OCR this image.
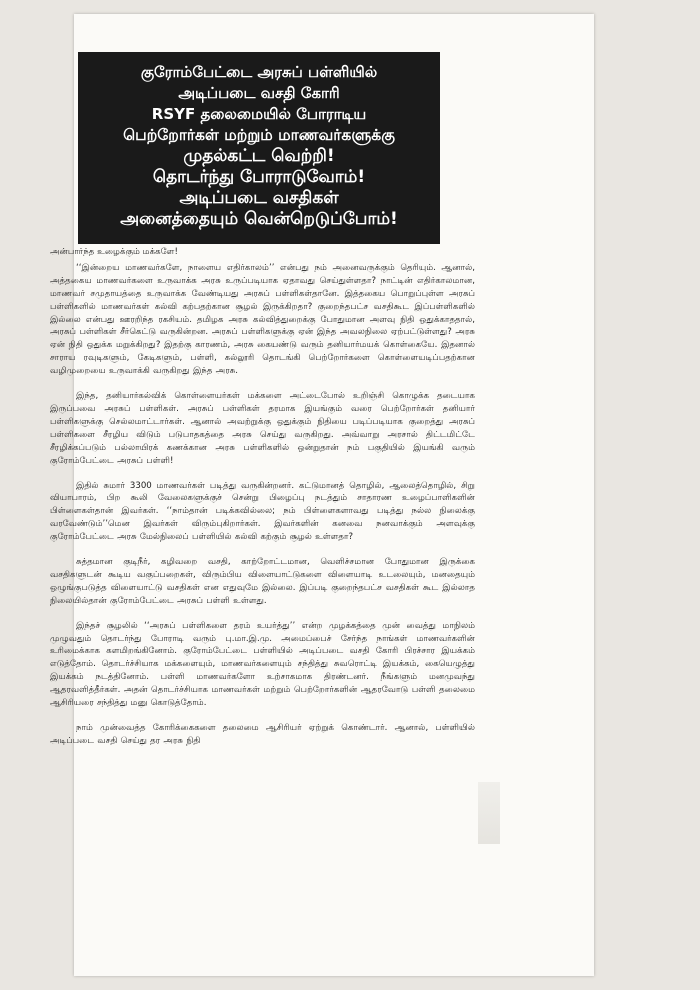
குரோம்பேட்டை அரசுப் பள்ளியில்
அடிப்படை வசதி கோரி
RSYF தலைமையில் போராடிய
பெற்றோர்கள் மற்றும் மாணவர்களுக்கு
முதல்கட்ட வெற்றி!
தொடர்ந்து போராடுவோம்!
அடிப்படை வசதிகள்
அனைத்தையும் வென்றெடுப்போம்!

அன்பார்ந்த உழைக்கும் மக்களே!

‘‘இன்றைய மாணவர்களே, நாளைய எதிர்காலம்’’ என்பது நம் அனைவருக்கும் தெரியும். ஆனால், அத்தகைய மாணவர்களை உருவாக்க அரசு உருப்படியாக ஏதாவது செய்துள்ளதா? நாட்டின் எதிர்காலமான, மாணவர் சமுதாயத்தை உருவாக்க வேண்டியது அரசுப் பள்ளிகள்தானே. இத்தகைய பொறுப்புள்ள அரசுப் பள்ளிகளில் மாணவர்கள் கல்வி கற்பதற்கான சூழல் இருக்கிறதா? குறைந்தபட்ச வசதிகூட இப்பள்ளிகளில் இல்லை என்பது ஊரறிந்த ரகசியம். தமிழக அரசு கல்வித்துறைக்கு போதுமான அளவு நிதி ஒதுக்காததால், அரசுப் பள்ளிகள் சீர்கெட்டு வருகின்றன. அரசுப் பள்ளிகளுக்கு ஏன் இந்த அவலநிலை ஏற்பட்டுள்ளது? அரசு ஏன் நிதி ஒதுக்க மறுக்கிறது? இதற்கு காரணம், அரசு கையண்டு வரும் தனியார்மயக் கொள்கையே. இதனால் சாராய ரவுடிகளும், கேடிகளும், பள்ளி, கல்லூரி தொடங்கி பெற்றோர்களை கொள்ளையடிப்பதற்கான வழிமுறையை உருவாக்கி வருகிறது இந்த அரசு.

இந்த, தனியார்கல்விக் கொள்ளையர்கள் மக்களை அட்டைபோல் உறிஞ்சி கொழுக்க தடையாக இருப்பவை அரசுப் பள்ளிகள். அரசுப் பள்ளிகள் தரமாக இயங்கும் வரை பெற்றோர்கள் தனியார் பள்ளிகளுக்கு செல்லமாட்டார்கள். ஆனால் அவற்றுக்கு ஒதுக்கும் நிதியை படிப்படியாக குறைத்து அரசுப் பள்ளிகளை சீரழிய விடும் படுபாதகத்தை அரசு செய்து வருகிறது. அவ்வாறு அரசால் திட்டமிட்டே சீரழிக்கப்படும் பல்லாயிரக் கணக்கான அரசு பள்ளிகளில் ஒன்றுதான் நம் பகுதியில் இயங்கி வரும் குரோம்பேட்டை அரசுப் பள்ளி!

இதில் சுமார் 3300 மாணவர்கள் படித்து வருகின்றனர். கட்டுமானத் தொழில், ஆலைத்தொழில், சிறு வியாபாரம், பிற கூலி வேலைகளுக்குச் சென்று பிழைப்பு நடத்தும் சாதாரண உழைப்பாளிகளின் பிள்ளைகள்தான் இவர்கள். ‘‘நாம்தான் படிக்கவில்லை; நம் பிள்ளைகளாவது படித்து நல்ல நிலைக்கு வரவேண்டும்’’மென இவர்கள் விரும்புகிறார்கள். இவர்களின் கனவை நனவாக்கும் அளவுக்கு குரோம்பேட்டை அரசு மேல்நிலைப் பள்ளியில் கல்வி கற்கும் சூழல் உள்ளதா?

சுத்தமான குடிநீர், கழிவறை வசதி, காற்றோட்டமான, வெளிச்சமான போதுமான இருக்கை வசதிகளுடன் கூடிய வகுப்பறைகள், விரும்பிய விளையாட்டுகளை விளையாடி உடலையும், மனதையும் ஒழுங்குபடுத்த விளையாட்டு வசதிகள் என எதுவுமே இல்லை. இப்படி குறைந்தபட்ச வசதிகள் கூட இல்லாத நிலையில்தான் குரோம்பேட்டை அரசுப் பள்ளி உள்ளது.

இந்தச் சூழலில் ‘‘அரசுப் பள்ளிகளை தரம் உயர்த்து’’ என்ற முழக்கத்தை முன் வைத்து மாநிலம் முழுவதும் தொடர்ந்து போராடி வரும் பு.மா.இ.மு. அமைப்பைச் சேர்ந்த நாங்கள் மாணவர்களின் உரிமைக்காக களமிறங்கினோம். குரோம்பேட்டை பள்ளியில் அடிப்படை வசதி கோரி பிரச்சார இயக்கம் எடுத்தோம். தொடர்ச்சியாக மக்களையும், மாணவர்களையும் சந்தித்து சுவரொட்டி இயக்கம், கையெழுத்து இயக்கம் நடத்தினோம். பள்ளி மாணவர்களோ உற்சாகமாக திரண்டனர். நீங்களும் மனமுவந்து ஆதரவளித்தீர்கள். அதன் தொடர்ச்சியாக மாணவர்கள் மற்றும் பெற்றோர்களின் ஆதரவோடு பள்ளி தலைமை ஆசிரியரை சந்தித்து மனு கொடுத்தோம்.

நாம் முன்வைத்த கோரிக்கைகளை தலைமை ஆசிரியர் ஏற்றுக் கொண்டார். ஆனால், பள்ளியில் அடிப்படை வசதி செய்து தர அரசு நிதி
